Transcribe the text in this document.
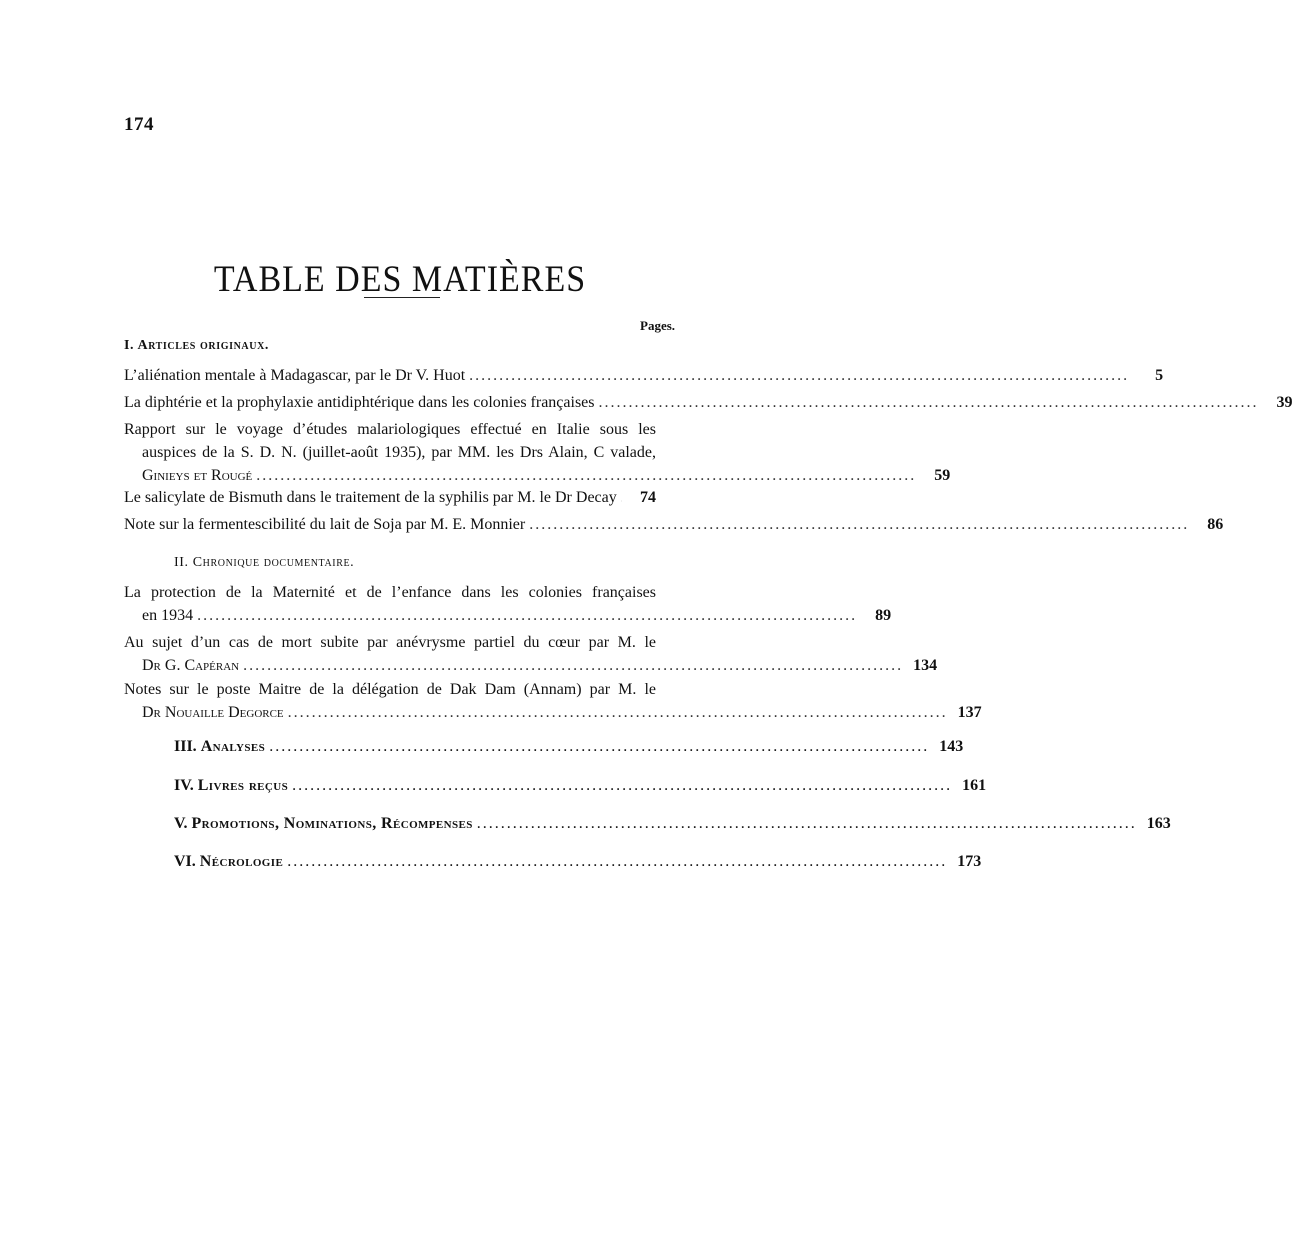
174
TABLE DES MATIÈRES
Pages.
I. Articles originaux.
L’aliénation mentale à Madagascar, par le Dr V. Huot ..............................................................................................................	5
La diphtérie et la prophylaxie antidiphtérique dans les colonies françaises ..............................................................................................................	39
Rapport sur le voyage d’études malariologiques effectué en Italie sous les
auspices de la S. D. N. (juillet-août 1935), par MM. les Drs Alain, C valade,
Ginieys et Rougé ..............................................................................................................	59
Le salicylate de Bismuth dans le traitement de la syphilis par M. le Dr Decay	74
Note sur la fermentescibilité du lait de Soja par M. E. Monnier ..............................................................................................................	86
II. Chronique documentaire.
La protection de la Maternité et de l’enfance dans les colonies françaises
en 1934 ..............................................................................................................	89
Au sujet d’un cas de mort subite par anévrysme partiel du cœur par M. le
Dr G. Capéran .............................................................................................................. 134
Notes sur le poste Maitre de la délégation de Dak Dam (Annam) par M. le
Dr Nouaille Degorce .............................................................................................................. 137
III.
Analyses .............................................................................................................. 143
IV.
Livres reçus .............................................................................................................. 161
V.
Promotions, Nominations, Récompenses .............................................................................................................. 163
VI.
Nécrologie .............................................................................................................. 173
